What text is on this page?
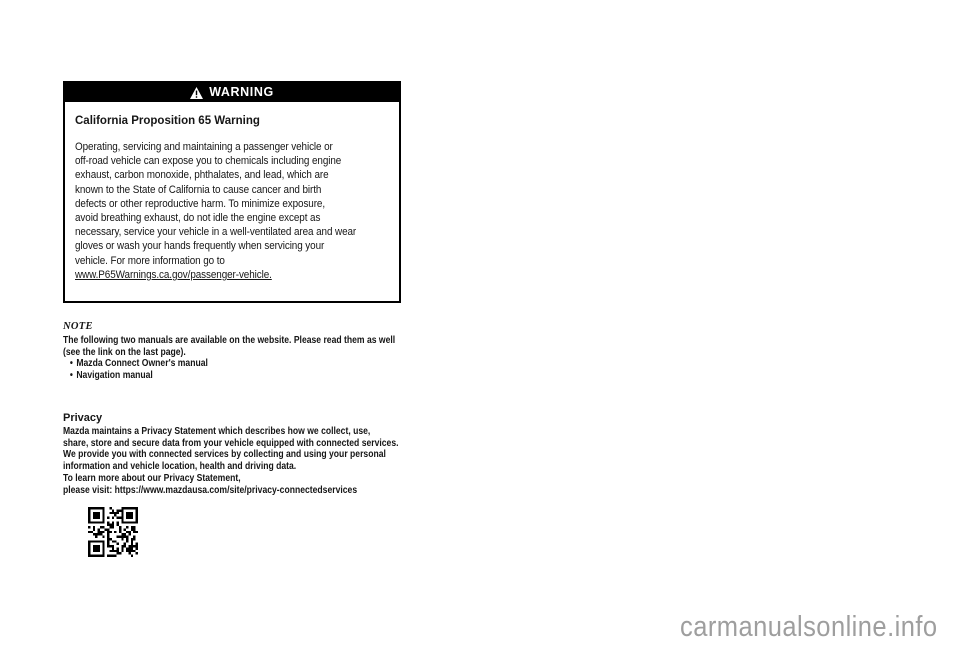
WARNING
California Proposition 65 Warning
Operating, servicing and maintaining a passenger vehicle or
off-road vehicle can expose you to chemicals including engine
exhaust, carbon monoxide, phthalates, and lead, which are
known to the State of California to cause cancer and birth
defects or other reproductive harm. To minimize exposure,
avoid breathing exhaust, do not idle the engine except as
necessary, service your vehicle in a well-ventilated area and wear
gloves or wash your hands frequently when servicing your
vehicle. For more information go to
www.P65Warnings.ca.gov/passenger-vehicle.
NOTE
The following two manuals are available on the website. Please read them as well
(see the link on the last page).
• Mazda Connect Owner's manual
• Navigation manual
Privacy
Mazda maintains a Privacy Statement which describes how we collect, use,
share, store and secure data from your vehicle equipped with connected services.
We provide you with connected services by collecting and using your personal
information and vehicle location, health and driving data.
To learn more about our Privacy Statement,
please visit: https://www.mazdausa.com/site/privacy-connectedservices
carmanualsonline.info
